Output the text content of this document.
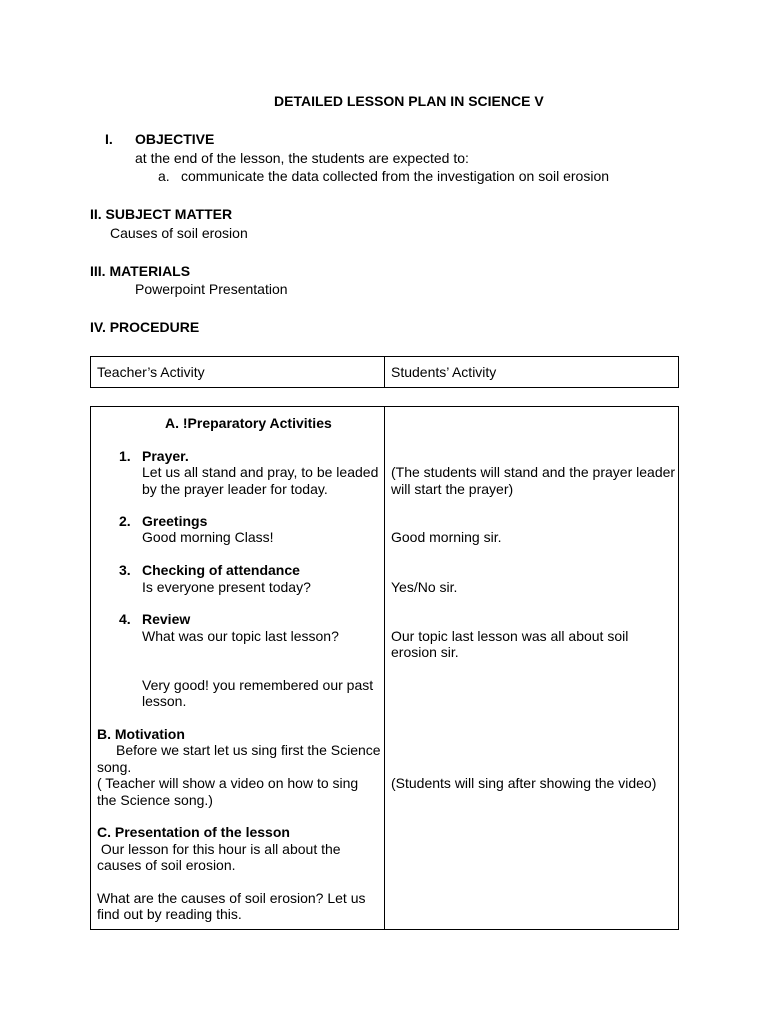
DETAILED LESSON PLAN IN SCIENCE V
I. OBJECTIVE
at the end of the lesson, the students are expected to:
a. communicate the data collected from the investigation on soil erosion
II. SUBJECT MATTER
Causes of soil erosion
III. MATERIALS
Powerpoint Presentation
IV. PROCEDURE
Teacher’s Activity	Students’ Activity
A. !Preparatory Activities
1. Prayer.
Let us all stand and pray, to be leaded
by the prayer leader for today.
2. Greetings
Good morning Class!
3. Checking of attendance
Is everyone present today?
4. Review
What was our topic last lesson?
Very good! you remembered our past
lesson.
B. Motivation
Before we start let us sing first the Science
song.
( Teacher will show a video on how to sing
the Science song.)
C. Presentation of the lesson
Our lesson for this hour is all about the
causes of soil erosion.
What are the causes of soil erosion? Let us
find out by reading this.
(The students will stand and the prayer leader
will start the prayer)
Good morning sir.
Yes/No sir.
Our topic last lesson was all about soil
erosion sir.
(Students will sing after showing the video)
